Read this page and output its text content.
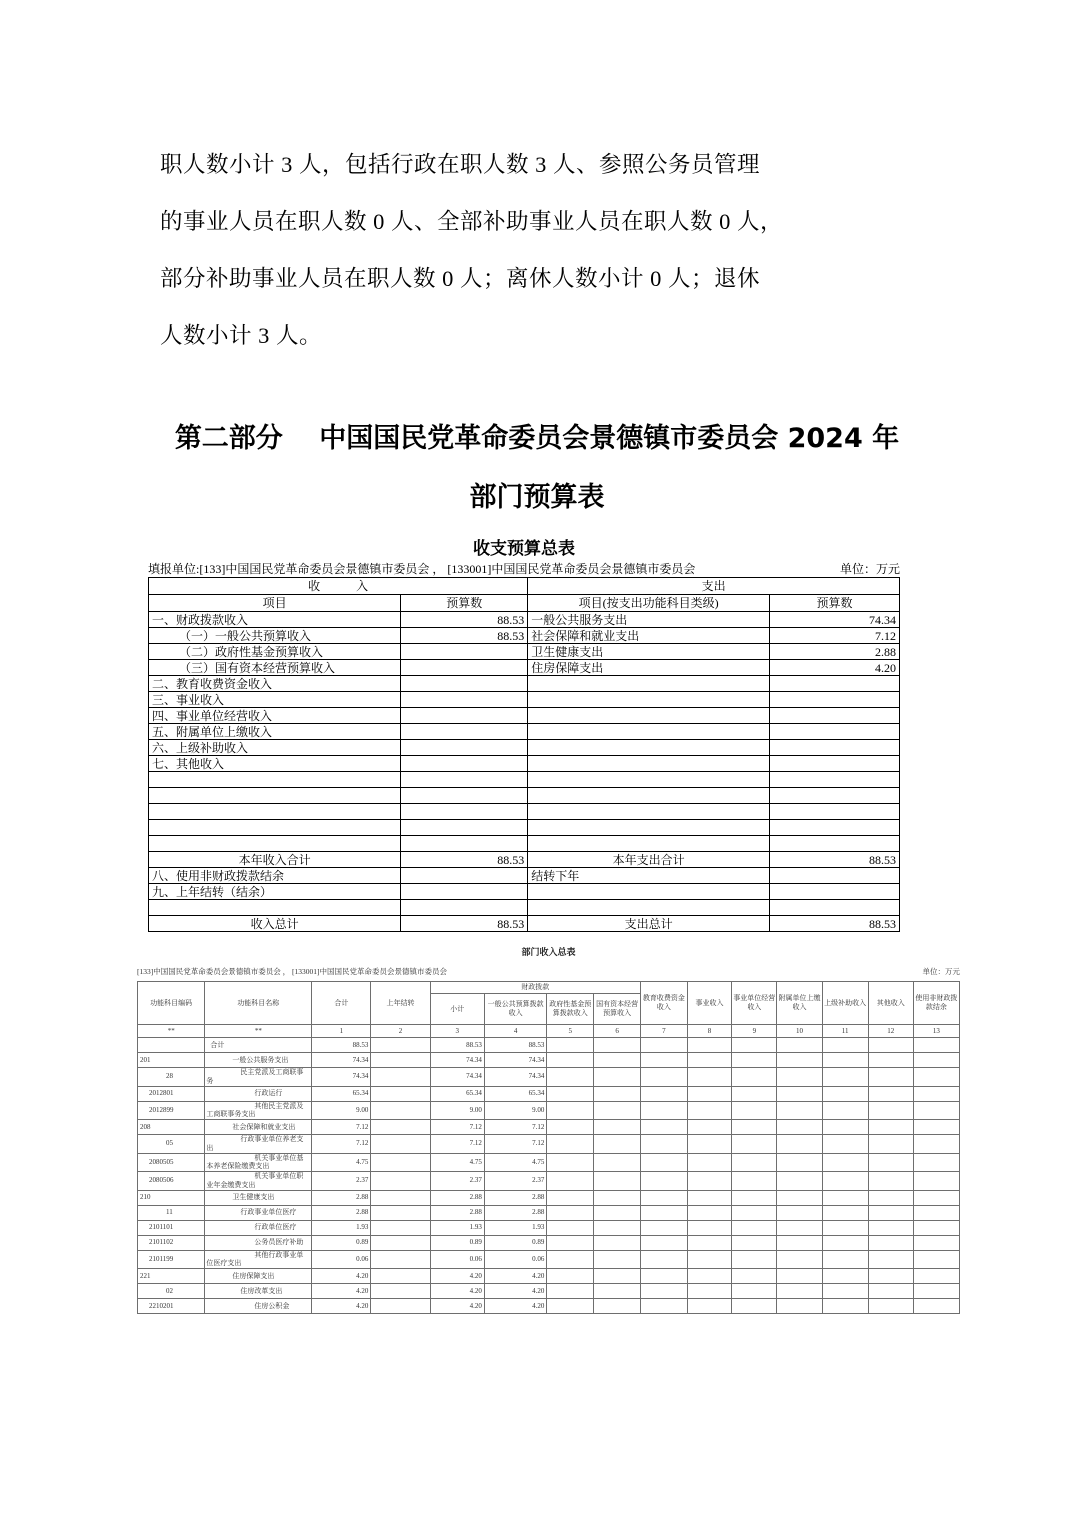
职人数小计 3 人，包括行政在职人数 3 人、参照公务员管理
的事业人员在职人数 0 人、全部补助事业人员在职人数 0 人，
部分补助事业人员在职人数 0 人；离休人数小计 0 人；退休
人数小计 3 人。
第二部分　 中国国民党革命委员会景德镇市委员会 2024 年
部门预算表
收支预算总表
填报单位:[133]中国国民党革命委员会景德镇市委员会 ， [133001]中国国民党革命委员会景德镇市委员会	单位：万元
收　　　入		支出	
项目	预算数	项目(按支出功能科目类级)	预算数
一、财政拨款收入	88.53	一般公共服务支出	74.34
（一）一般公共预算收入	88.53	社会保障和就业支出	7.12
（二）政府性基金预算收入		卫生健康支出	2.88
（三）国有资本经营预算收入		住房保障支出	4.20
二、教育收费资金收入			
三、事业收入			
四、事业单位经营收入			
五、附属单位上缴收入			
六、上级补助收入			
七、其他收入			

本年收入合计	88.53	本年支出合计	88.53
八、使用非财政拨款结余		结转下年	
九、上年结转（结余）			

收入总计	88.53	支出总计	88.53
部门收入总表
[133]中国国民党革命委员会景德镇市委员会 ， [133001]中国国民党革命委员会景德镇市委员会	单位：万元
功能科目编码	功能科目名称	合计	上年结转	财政拨款				教育收费资金收入	事业收入	事业单位经营收入	附属单位上缴收入	上级补助收入	其他收入	使用非财政拨款结余
				小计	一般公共预算拨款收入	政府性基金预算拨款收入	国有资本经营预算收入							
**	**	1	2	3	4	5	6	7	8	9	10	11	12	13
	合计	88.53		88.53	88.53									
201	一般公共服务支出	74.34		74.34	74.34									
28	民主党派及工商联事务	74.34		74.34	74.34									
2012801	行政运行	65.34		65.34	65.34									
2012899	其他民主党派及工商联事务支出	9.00		9.00	9.00									
208	社会保障和就业支出	7.12		7.12	7.12									
05	行政事业单位养老支出	7.12		7.12	7.12									
2080505	机关事业单位基本养老保险缴费支出	4.75		4.75	4.75									
2080506	机关事业单位职业年金缴费支出	2.37		2.37	2.37									
210	卫生健康支出	2.88		2.88	2.88									
11	行政事业单位医疗	2.88		2.88	2.88									
2101101	行政单位医疗	1.93		1.93	1.93									
2101102	公务员医疗补助	0.89		0.89	0.89									
2101199	其他行政事业单位医疗支出	0.06		0.06	0.06									
221	住房保障支出	4.20		4.20	4.20									
02	住房改革支出	4.20		4.20	4.20									
2210201	住房公积金	4.20		4.20	4.20									
